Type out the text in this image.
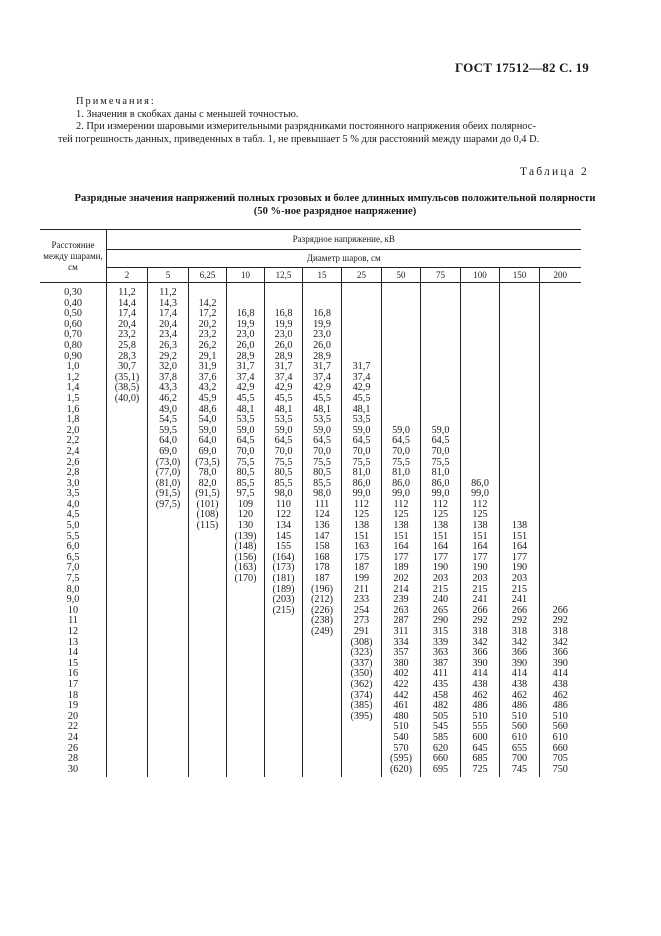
ГОСТ 17512—82 С. 19
Примечания:
1. Значения в скобках даны с меньшей точностью.
2. При измерении шаровыми измерительными разрядниками постоянного напряжения обеих полярнос-
тей погрешность данных, приведенных в табл. 1, не превышает 5 % для расстояний между шарами до 0,4 D.
Таблица 2
Разрядные значения напряжений полных грозовых и более длинных импульсов положительной полярности
(50 %-ное разрядное напряжение)
Расстояние между шарами, см	Разрядное напряжение, кВ											
	Диаметр шаров, см											
	2	5	6,25	10	12,5	15	25	50	75	100	150	200
0,30	11,2	11,2										
0,40	14,4	14,3	14,2									
0,50	17,4	17,4	17,2	16,8	16,8	16,8						
0,60	20,4	20,4	20,2	19,9	19,9	19,9						
0,70	23,2	23,4	23,2	23,0	23,0	23,0						
0,80	25,8	26,3	26,2	26,0	26,0	26,0						
0,90	28,3	29,2	29,1	28,9	28,9	28,9						
1,0	30,7	32,0	31,9	31,7	31,7	31,7	31,7					
1,2	(35,1)	37,8	37,6	37,4	37,4	37,4	37,4					
1,4	(38,5)	43,3	43,2	42,9	42,9	42,9	42,9					
1,5	(40,0)	46,2	45,9	45,5	45,5	45,5	45,5					
1,6		49,0	48,6	48,1	48,1	48,1	48,1					
1,8		54,5	54,0	53,5	53,5	53,5	53,5					
2,0		59,5	59,0	59,0	59,0	59,0	59,0	59,0	59,0			
2,2		64,0	64,0	64,5	64,5	64,5	64,5	64,5	64,5			
2,4		69,0	69,0	70,0	70,0	70,0	70,0	70,0	70,0			
2,6		(73,0)	(73,5)	75,5	75,5	75,5	75,5	75,5	75,5			
2,8		(77,0)	78,0	80,5	80,5	80,5	81,0	81,0	81,0			
3,0		(81,0)	82,0	85,5	85,5	85,5	86,0	86,0	86,0	86,0		
3,5		(91,5)	(91,5)	97,5	98,0	98,0	99,0	99,0	99,0	99,0		
4,0		(97,5)	(101)	109	110	111	112	112	112	112		
4,5			(108)	120	122	124	125	125	125	125		
5,0			(115)	130	134	136	138	138	138	138	138	
5,5				(139)	145	147	151	151	151	151	151	
6,0				(148)	155	158	163	164	164	164	164	
6,5				(156)	(164)	168	175	177	177	177	177	
7,0				(163)	(173)	178	187	189	190	190	190	
7,5				(170)	(181)	187	199	202	203	203	203	
8,0					(189)	(196)	211	214	215	215	215	
9,0					(203)	(212)	233	239	240	241	241	
10					(215)	(226)	254	263	265	266	266	266
11						(238)	273	287	290	292	292	292
12						(249)	291	311	315	318	318	318
13							(308)	334	339	342	342	342
14							(323)	357	363	366	366	366
15							(337)	380	387	390	390	390
16							(350)	402	411	414	414	414
17							(362)	422	435	438	438	438
18							(374)	442	458	462	462	462
19							(385)	461	482	486	486	486
20							(395)	480	505	510	510	510
22								510	545	555	560	560
24								540	585	600	610	610
26								570	620	645	655	660
28								(595)	660	685	700	705
30								(620)	695	725	745	750
